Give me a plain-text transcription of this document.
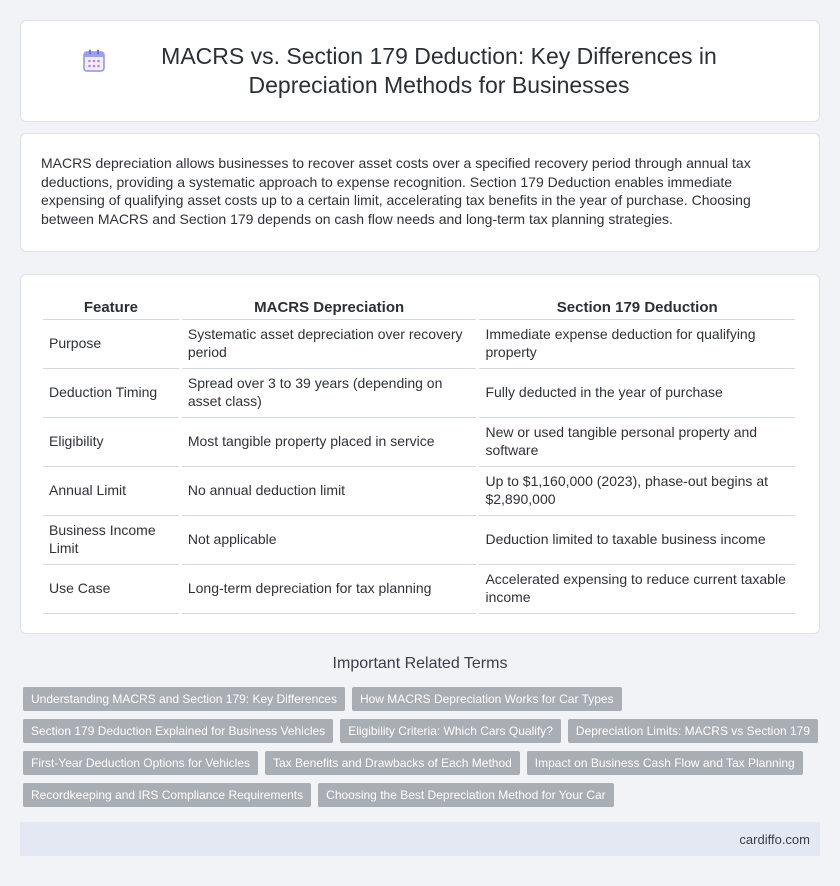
MACRS vs. Section 179 Deduction: Key Differences in Depreciation Methods for Businesses

MACRS depreciation allows businesses to recover asset costs over a specified recovery period through annual tax deductions, providing a systematic approach to expense recognition. Section 179 Deduction enables immediate expensing of qualifying asset costs up to a certain limit, accelerating tax benefits in the year of purchase. Choosing between MACRS and Section 179 depends on cash flow needs and long-term tax planning strategies.

Feature	MACRS Depreciation	Section 179 Deduction
Purpose	Systematic asset depreciation over recovery period	Immediate expense deduction for qualifying property
Deduction Timing	Spread over 3 to 39 years (depending on asset class)	Fully deducted in the year of purchase
Eligibility	Most tangible property placed in service	New or used tangible personal property and software
Annual Limit	No annual deduction limit	Up to $1,160,000 (2023), phase-out begins at $2,890,000
Business Income Limit	Not applicable	Deduction limited to taxable business income
Use Case	Long-term depreciation for tax planning	Accelerated expensing to reduce current taxable income
Important Related Terms
Understanding MACRS and Section 179: Key Differences	How MACRS Depreciation Works for Car Types
Section 179 Deduction Explained for Business Vehicles	Eligibility Criteria: Which Cars Qualify?	Depreciation Limits: MACRS vs Section 179
First-Year Deduction Options for Vehicles	Tax Benefits and Drawbacks of Each Method	Impact on Business Cash Flow and Tax Planning
Recordkeeping and IRS Compliance Requirements	Choosing the Best Depreciation Method for Your Car
cardiffo.com
